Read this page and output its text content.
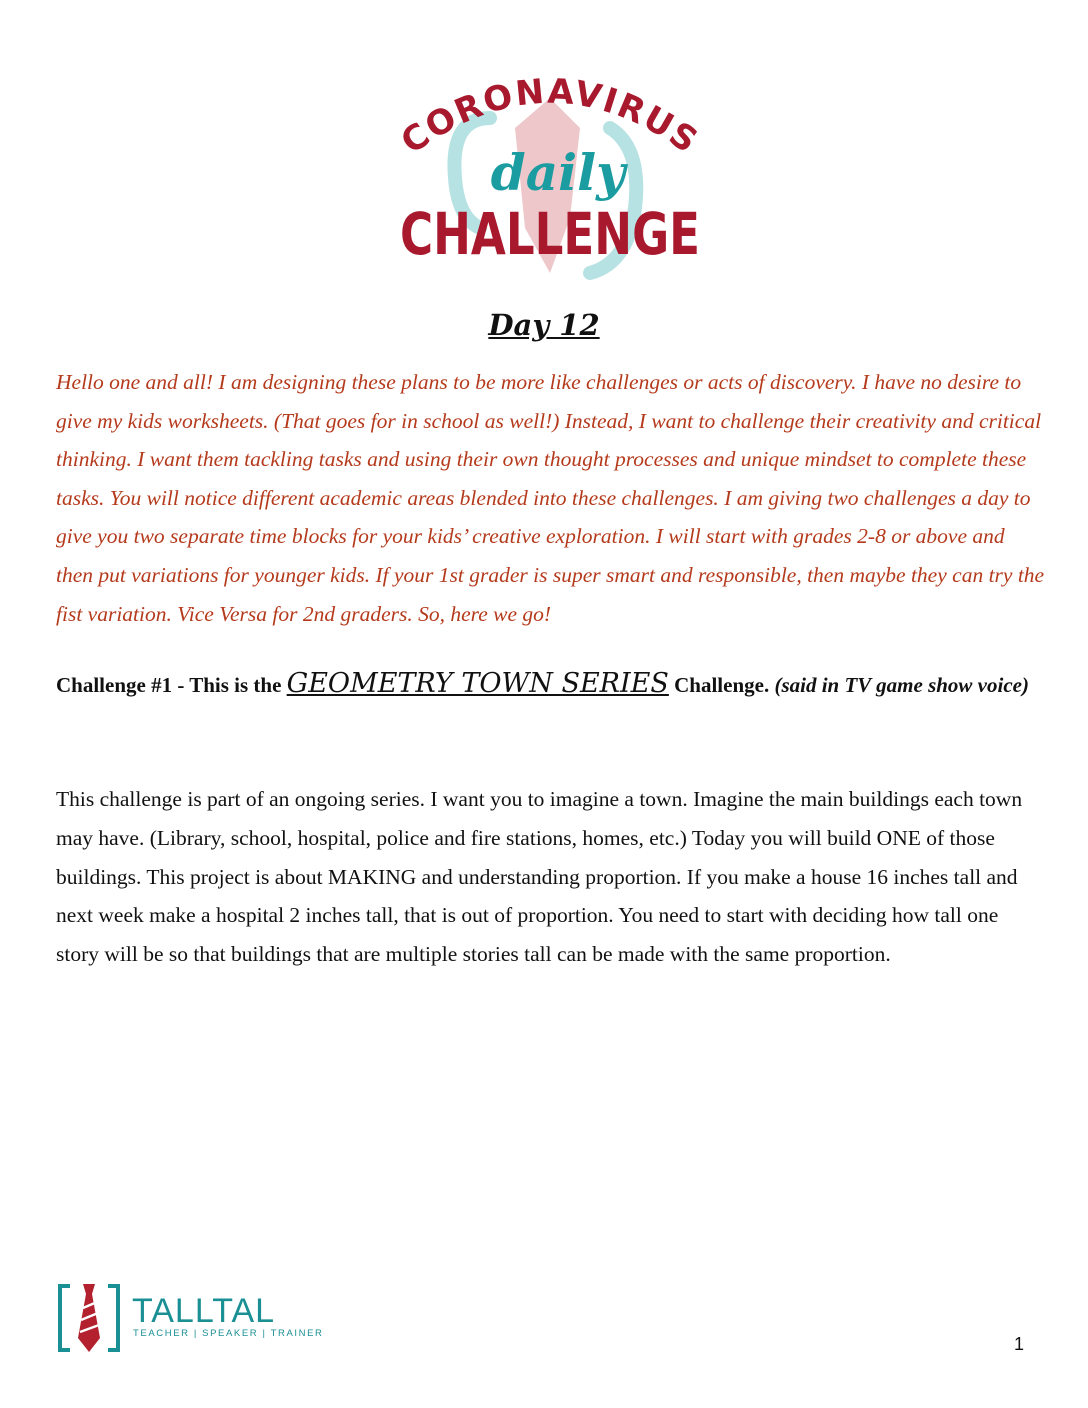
CORONAVIRUS
daily
CHALLENGE
Day 12

Hello one and all! I am designing these plans to be more like challenges or acts of discovery. I have no desire to give my kids worksheets. (That goes for in school as well!) Instead, I want to challenge their creativity and critical thinking. I want them tackling tasks and using their own thought processes and unique mindset to complete these tasks. You will notice different academic areas blended into these challenges. I am giving two challenges a day to give you two separate time blocks for your kids’ creative exploration. I will start with grades 2-8 or above and then put variations for younger kids. If your 1st grader is super smart and responsible, then maybe they can try the fist variation. Vice Versa for 2nd graders. So, here we go!

Challenge #1 - This is the GEOMETRY TOWN SERIES Challenge. (said in TV game show voice)

This challenge is part of an ongoing series. I want you to imagine a town. Imagine the main buildings each town may have. (Library, school, hospital, police and fire stations, homes, etc.) Today you will build ONE of those buildings. This project is about MAKING and understanding proportion. If you make a house 16 inches tall and next week make a hospital 2 inches tall, that is out of proportion. You need to start with deciding how tall one story will be so that buildings that are multiple stories tall can be made with the same proportion.

TALLTAL
TEACHER | SPEAKER | TRAINER
1
